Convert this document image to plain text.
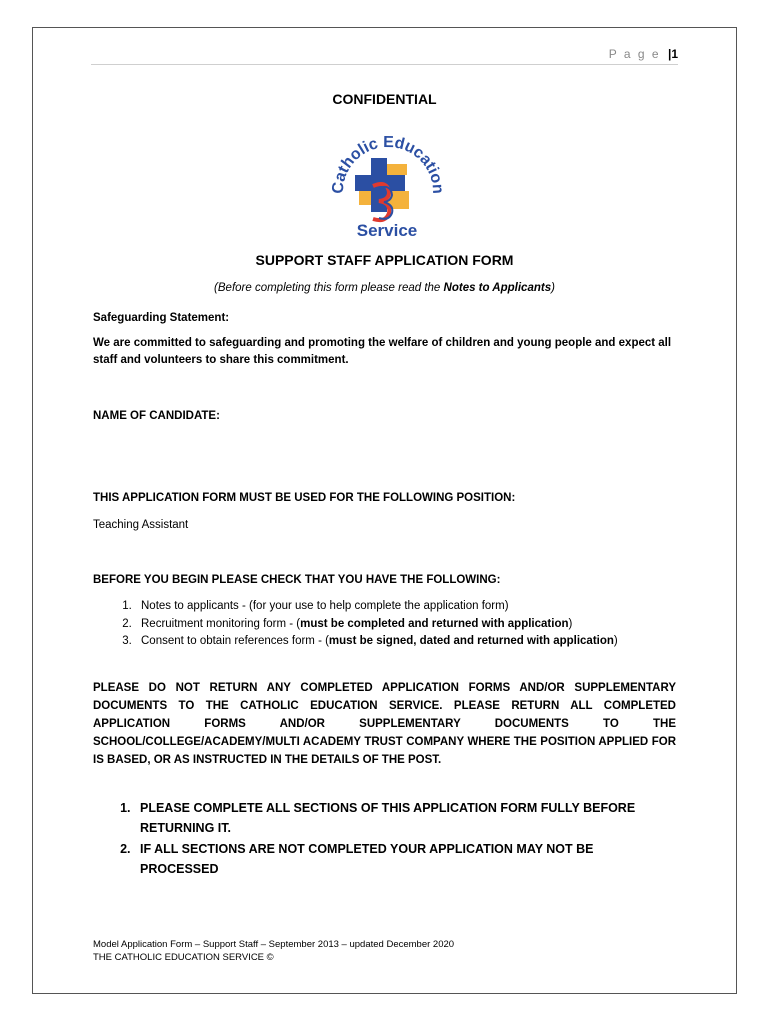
P a g e |1
CONFIDENTIAL
Catholic Education
Service
SUPPORT STAFF APPLICATION FORM
(Before completing this form please read the Notes to Applicants)
Safeguarding Statement:
We are committed to safeguarding and promoting the welfare of children and young people and expect all staff and volunteers to share this commitment.
NAME OF CANDIDATE:
THIS APPLICATION FORM MUST BE USED FOR THE FOLLOWING POSITION:
Teaching Assistant
BEFORE YOU BEGIN PLEASE CHECK THAT YOU HAVE THE FOLLOWING:
1. Notes to applicants - (for your use to help complete the application form)
2. Recruitment monitoring form - (must be completed and returned with application)
3. Consent to obtain references form - (must be signed, dated and returned with application)
PLEASE DO NOT RETURN ANY COMPLETED APPLICATION FORMS AND/OR SUPPLEMENTARY DOCUMENTS TO THE CATHOLIC EDUCATION SERVICE. PLEASE RETURN ALL COMPLETED APPLICATION FORMS AND/OR SUPPLEMENTARY DOCUMENTS TO THE SCHOOL/COLLEGE/ACADEMY/MULTI ACADEMY TRUST COMPANY WHERE THE POSITION APPLIED FOR IS BASED, OR AS INSTRUCTED IN THE DETAILS OF THE POST.
1. PLEASE COMPLETE ALL SECTIONS OF THIS APPLICATION FORM FULLY BEFORE RETURNING IT.
2. IF ALL SECTIONS ARE NOT COMPLETED YOUR APPLICATION MAY NOT BE PROCESSED
Model Application Form – Support Staff – September 2013 – updated December 2020
THE CATHOLIC EDUCATION SERVICE ©
